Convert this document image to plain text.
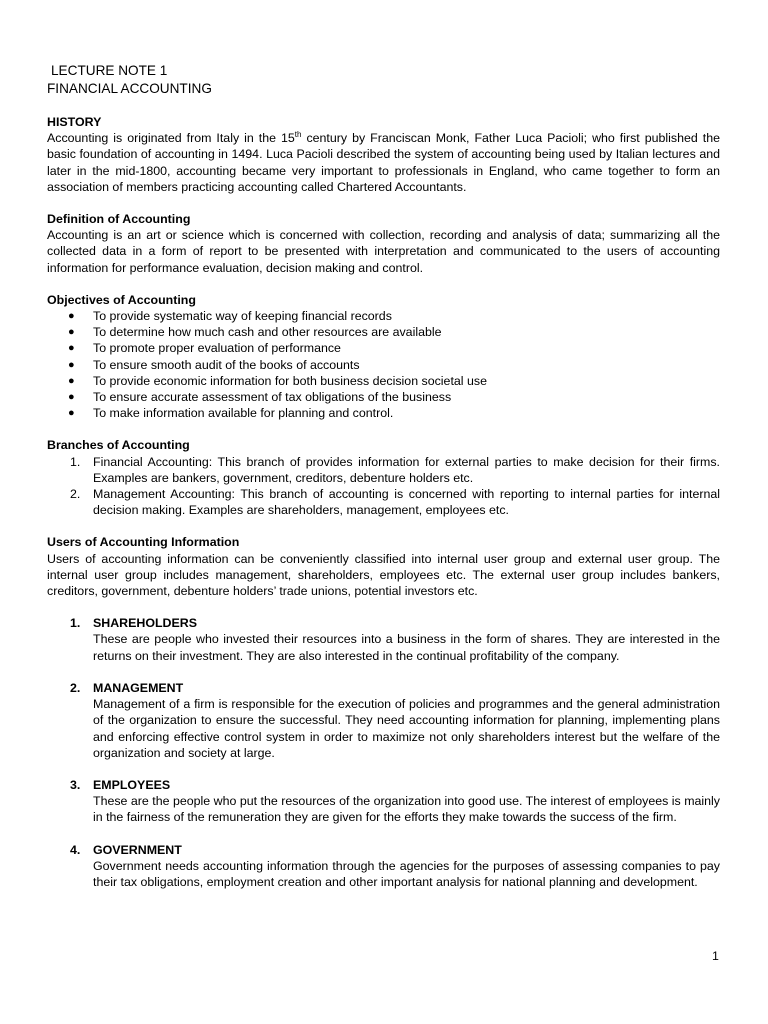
LECTURE NOTE 1
FINANCIAL ACCOUNTING
HISTORY

Accounting is originated from Italy in the 15th century by Franciscan Monk, Father Luca Pacioli; who first published the basic foundation of accounting in 1494. Luca Pacioli described the system of accounting being used by Italian lectures and later in the mid-1800, accounting became very important to professionals in England, who came together to form an association of members practicing accounting called Chartered Accountants.

Definition of Accounting

Accounting is an art or science which is concerned with collection, recording and analysis of data; summarizing all the collected data in a form of report to be presented with interpretation and communicated to the users of accounting information for performance evaluation, decision making and control.

Objectives of Accounting
● To provide systematic way of keeping financial records
● To determine how much cash and other resources are available
● To promote proper evaluation of performance
● To ensure smooth audit of the books of accounts
● To provide economic information for both business decision societal use
● To ensure accurate assessment of tax obligations of the business
● To make information available for planning and control.
Branches of Accounting
1. Financial Accounting: This branch of provides information for external parties to make decision for their firms. Examples are bankers, government, creditors, debenture holders etc.
2. Management Accounting: This branch of accounting is concerned with reporting to internal parties for internal decision making. Examples are shareholders, management, employees etc.
Users of Accounting Information

Users of accounting information can be conveniently classified into internal user group and external user group. The internal user group includes management, shareholders, employees etc. The external user group includes bankers, creditors, government, debenture holders’ trade unions, potential investors etc.

1. SHAREHOLDERS

These are people who invested their resources into a business in the form of shares. They are interested in the returns on their investment. They are also interested in the continual profitability of the company.

2. MANAGEMENT

Management of a firm is responsible for the execution of policies and programmes and the general administration of the organization to ensure the successful. They need accounting information for planning, implementing plans and enforcing effective control system in order to maximize not only shareholders interest but the welfare of the organization and society at large.

3. EMPLOYEES

These are the people who put the resources of the organization into good use. The interest of employees is mainly in the fairness of the remuneration they are given for the efforts they make towards the success of the firm.

4. GOVERNMENT

Government needs accounting information through the agencies for the purposes of assessing companies to pay their tax obligations, employment creation and other important analysis for national planning and development.

1
